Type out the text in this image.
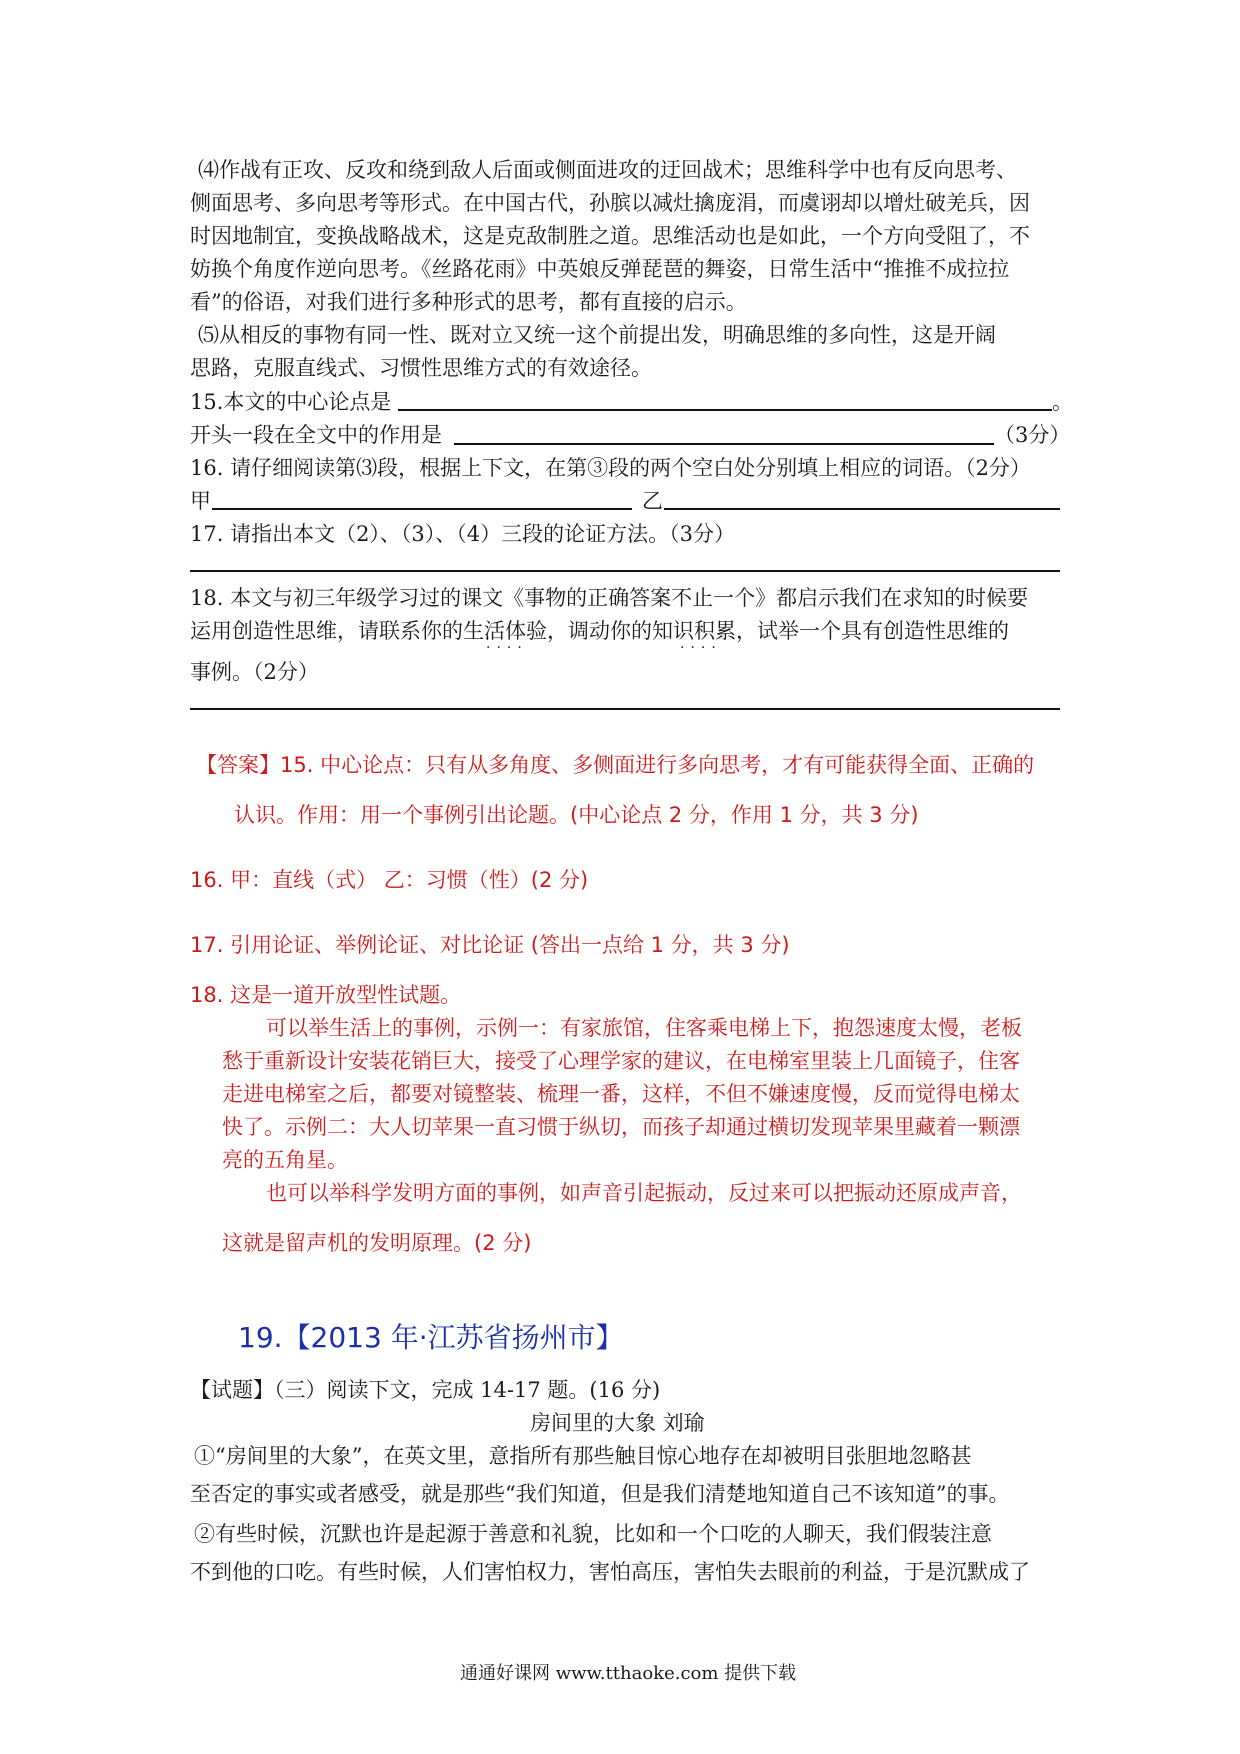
⑷作战有正攻、反攻和绕到敌人后面或侧面进攻的迂回战术；思维科学中也有反向思考、
侧面思考、多向思考等形式。在中国古代，孙膑以减灶擒庞涓，而虞诩却以增灶破羌兵，因
时因地制宜，变换战略战术，这是克敌制胜之道。思维活动也是如此，一个方向受阻了，不
妨换个角度作逆向思考。《丝路花雨》中英娘反弹琵琶的舞姿，日常生活中“推推不成拉拉
看”的俗语，对我们进行多种形式的思考，都有直接的启示。
⑸从相反的事物有同一性、既对立又统一这个前提出发，明确思维的多向性，这是开阔
思路，克服直线式、习惯性思维方式的有效途径。
15.本文的中心论点是	。
开头一段在全文中的作用是	（3分）
16. 请仔细阅读第⑶段，根据上下文，在第③段的两个空白处分别填上相应的词语。（2分）
甲	乙
17. 请指出本文（2）、（3）、（4）三段的论证方法。（3分）
18. 本文与初三年级学习过的课文《事物的正确答案不止一个》都启示我们在求知的时候要
运用创造性思维，请联系你的生活体验，调动你的知识积累，试举一个具有创造性思维的
····	····
事例。（2分）
【答案】15. 中心论点：只有从多角度、多侧面进行多向思考，才有可能获得全面、正确的
认识。作用：用一个事例引出论题。(中心论点 2 分，作用 1 分，共 3 分)
16. 甲：直线（式） 乙：习惯（性）(2 分)
17. 引用论证、举例论证、对比论证 (答出一点给 1 分，共 3 分)
18. 这是一道开放型性试题。
可以举生活上的事例，示例一：有家旅馆，住客乘电梯上下，抱怨速度太慢，老板
愁于重新设计安装花销巨大，接受了心理学家的建议，在电梯室里装上几面镜子，住客
走进电梯室之后，都要对镜整装、梳理一番，这样，不但不嫌速度慢，反而觉得电梯太
快了。示例二：大人切苹果一直习惯于纵切，而孩子却通过横切发现苹果里藏着一颗漂
亮的五角星。
也可以举科学发明方面的事例，如声音引起振动，反过来可以把振动还原成声音，
这就是留声机的发明原理。(2 分)
19.【2013 年·江苏省扬州市】
【试题】（三）阅读下文，完成 14-17 题。(16 分)
房间里的大象 刘瑜
①“房间里的大象”，在英文里，意指所有那些触目惊心地存在却被明目张胆地忽略甚
至否定的事实或者感受，就是那些“我们知道，但是我们清楚地知道自己不该知道”的事。
②有些时候，沉默也许是起源于善意和礼貌，比如和一个口吃的人聊天，我们假装注意
不到他的口吃。有些时候，人们害怕权力，害怕高压，害怕失去眼前的利益，于是沉默成了
通通好课网 www.tthaoke.com 提供下载
